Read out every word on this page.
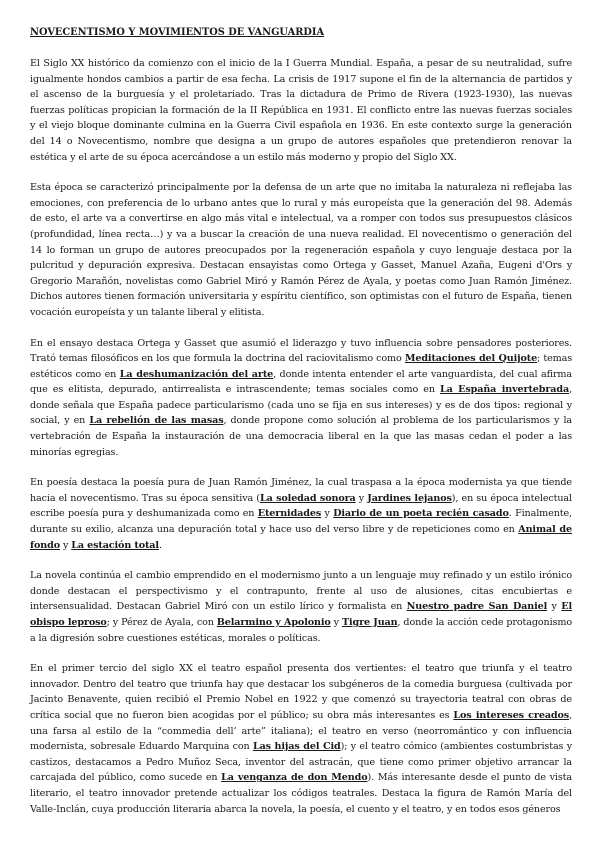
NOVECENTISMO Y MOVIMIENTOS DE VANGUARDIA

El Siglo XX histórico da comienzo con el inicio de la I Guerra Mundial. España, a pesar de su neutralidad, sufre igualmente hondos cambios a partir de esa fecha. La crisis de 1917 supone el fin de la alternancia de partidos y el ascenso de la burguesía y el proletariado. Tras la dictadura de Primo de Rivera (1923-1930), las nuevas fuerzas políticas propician la formación de la II República en 1931. El conflicto entre las nuevas fuerzas sociales y el viejo bloque dominante culmina en la Guerra Civil española en 1936. En este contexto surge la generación del 14 o Novecentismo, nombre que designa a un grupo de autores españoles que pretendieron renovar la estética y el arte de su época acercándose a un estilo más moderno y propio del Siglo XX.

Esta época se caracterizó principalmente por la defensa de un arte que no imitaba la naturaleza ni reflejaba las emociones, con preferencia de lo urbano antes que lo rural y más europeísta que la generación del 98. Además de esto, el arte va a convertirse en algo más vital e intelectual, va a romper con todos sus presupuestos clásicos (profundidad, línea recta…) y va a buscar la creación de una nueva realidad. El novecentismo o generación del 14 lo forman un grupo de autores preocupados por la regeneración española y cuyo lenguaje destaca por la pulcritud y depuración expresiva. Destacan ensayistas como Ortega y Gasset, Manuel Azaña, Eugeni d'Ors y Gregorio Marañón, novelistas como Gabriel Miró y Ramón Pérez de Ayala, y poetas como Juan Ramón Jiménez. Dichos autores tienen formación universitaria y espíritu científico, son optimistas con el futuro de España, tienen vocación europeísta y un talante liberal y elitista.

En el ensayo destaca Ortega y Gasset que asumió el liderazgo y tuvo influencia sobre pensadores posteriores. Trató temas filosóficos en los que formula la doctrina del raciovitalismo como Meditaciones del Quijote; temas estéticos como en La deshumanización del arte, donde intenta entender el arte vanguardista, del cual afirma que es elitista, depurado, antirrealista e intrascendente; temas sociales como en La España invertebrada, donde señala que España padece particularismo (cada uno se fija en sus intereses) y es de dos tipos: regional y social, y en La rebelión de las masas, donde propone como solución al problema de los particularismos y la vertebración de España la instauración de una democracia liberal en la que las masas cedan el poder a las minorías egregias.

En poesía destaca la poesía pura de Juan Ramón Jiménez, la cual traspasa a la época modernista ya que tiende hacia el novecentismo. Tras su época sensitiva (La soledad sonora y Jardines lejanos), en su época intelectual escribe poesía pura y deshumanizada como en Eternidades y Diario de un poeta recién casado. Finalmente, durante su exilio, alcanza una depuración total y hace uso del verso libre y de repeticiones como en Animal de fondo y La estación total.

La novela continúa el cambio emprendido en el modernismo junto a un lenguaje muy refinado y un estilo irónico donde destacan el perspectivismo y el contrapunto, frente al uso de alusiones, citas encubiertas e intersensualidad. Destacan Gabriel Miró con un estilo lírico y formalista en Nuestro padre San Daniel y El obispo leproso; y Pérez de Ayala, con Belarmino y Apolonio y Tigre Juan, donde la acción cede protagonismo a la digresión sobre cuestiones estéticas, morales o políticas.

En el primer tercio del siglo XX el teatro español presenta dos vertientes: el teatro que triunfa y el teatro innovador. Dentro del teatro que triunfa hay que destacar los subgéneros de la comedia burguesa (cultivada por Jacinto Benavente, quien recibió el Premio Nobel en 1922 y que comenzó su trayectoria teatral con obras de crítica social que no fueron bien acogidas por el público; su obra más interesantes es Los intereses creados, una farsa al estilo de la “commedia dell’ arte” italiana); el teatro en verso (neorromántico y con influencia modernista, sobresale Eduardo Marquina con Las hijas del Cid); y el teatro cómico (ambientes costumbristas y castizos, destacamos a Pedro Muñoz Seca, inventor del astracán, que tiene como primer objetivo arrancar la carcajada del público, como sucede en La venganza de don Mendo). Más interesante desde el punto de vista literario, el teatro innovador pretende actualizar los códigos teatrales. Destaca la figura de Ramón María del Valle-Inclán, cuya producción literaria abarca la novela, la poesía, el cuento y el teatro, y en todos esos géneros
